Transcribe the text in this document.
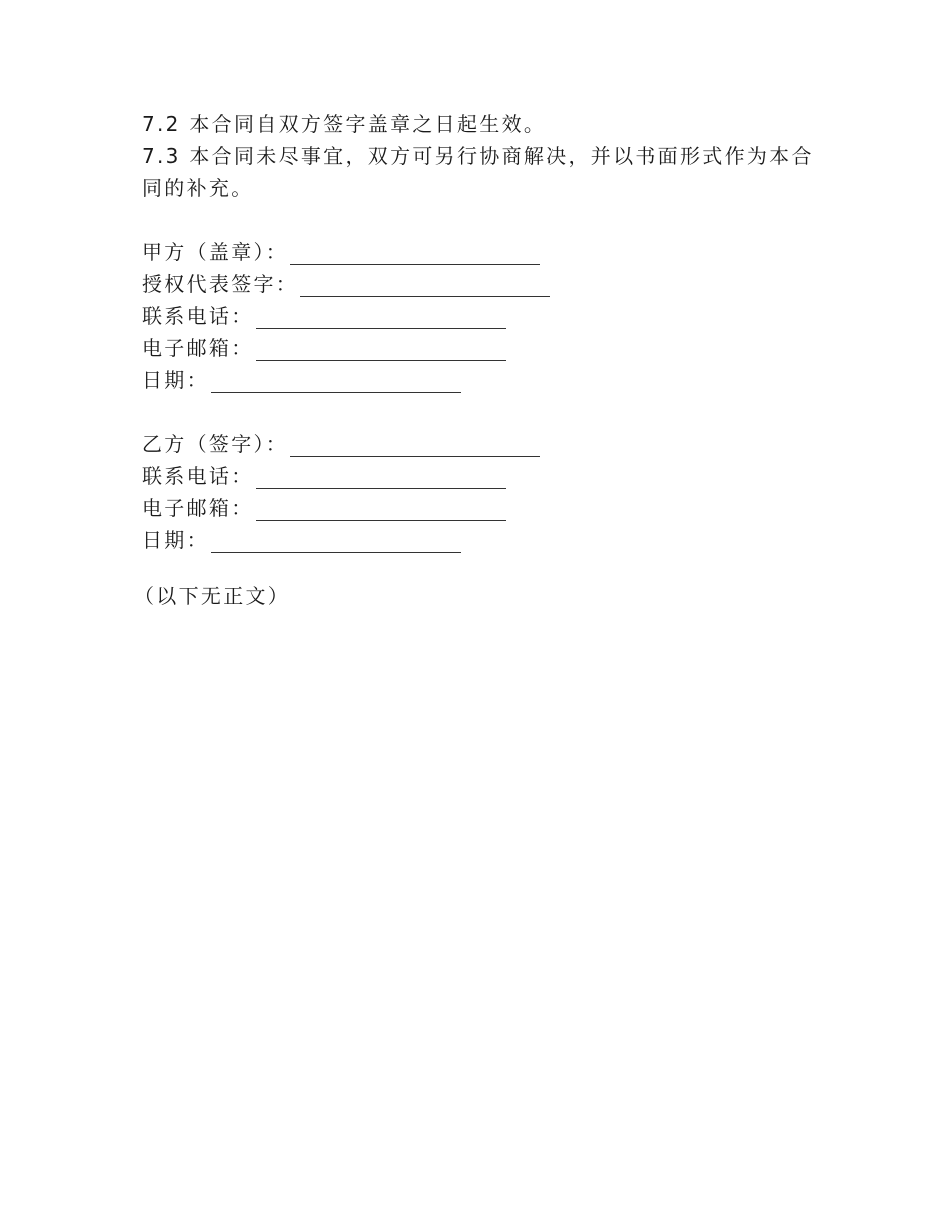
7.2 本合同自双方签字盖章之日起生效。
7.3 本合同未尽事宜，双方可另行协商解决，并以书面形式作为本合
同的补充。
甲方（盖章）：
授权代表签字：
联系电话：
电子邮箱：
日期：
乙方（签字）：
联系电话：
电子邮箱：
日期：
（以下无正文）
